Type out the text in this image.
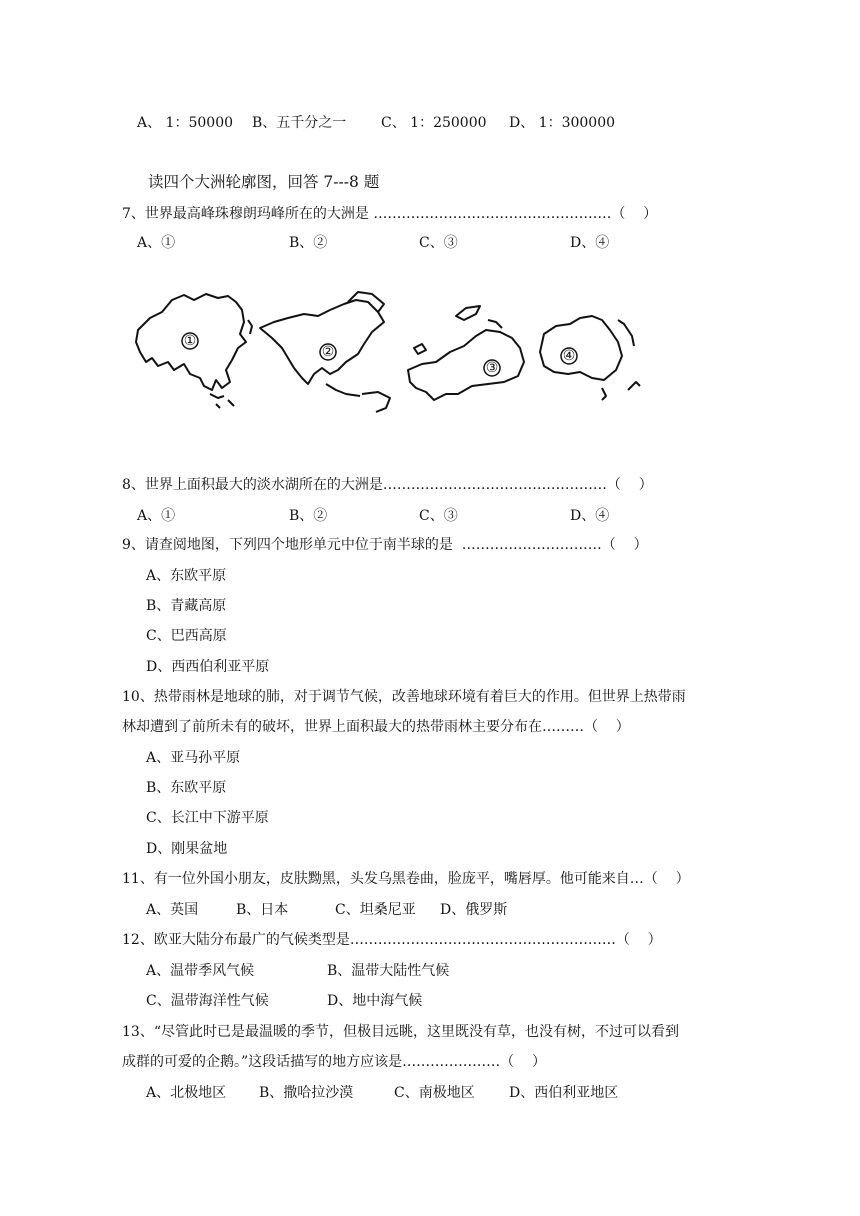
A、 1：50000 B、五千分之一 C、 1：250000 D、 1：300000
读四个大洲轮廓图，回答 7---8 题
7、世界最高峰珠穆朗玛峰所在的大洲是 ……………………………………………（    ）
A、①	B、②	C、③	D、④
①
②
③
④
8、世界上面积最大的淡水湖所在的大洲是…………………………………………（    ）
A、①	B、②	C、③	D、④
9、请查阅地图，下列四个地形单元中位于南半球的是  …………………………（    ）
A、东欧平原
B、青藏高原
C、巴西高原
D、西西伯利亚平原
10、热带雨林是地球的肺，对于调节气候，改善地球环境有着巨大的作用。但世界上热带雨
林却遭到了前所未有的破坏，世界上面积最大的热带雨林主要分布在………（    ）
A、亚马孙平原
B、东欧平原
C、长江中下游平原
D、刚果盆地
11、有一位外国小朋友，皮肤黝黑，头发乌黑卷曲，脸庞平，嘴唇厚。他可能来自…（    ）
A、英国	B、日本	C、坦桑尼亚 D、俄罗斯
12、欧亚大陆分布最广的气候类型是…………………………………………………（    ）
A、温带季风气候	B、温带大陆性气候
C、温带海洋性气候	D、地中海气候
13、“尽管此时已是最温暖的季节，但极目远眺，这里既没有草，也没有树，不过可以看到
成群的可爱的企鹅。”这段话描写的地方应该是…………………（    ）
A、北极地区 B、撒哈拉沙漠	C、南极地区 D、西伯利亚地区
